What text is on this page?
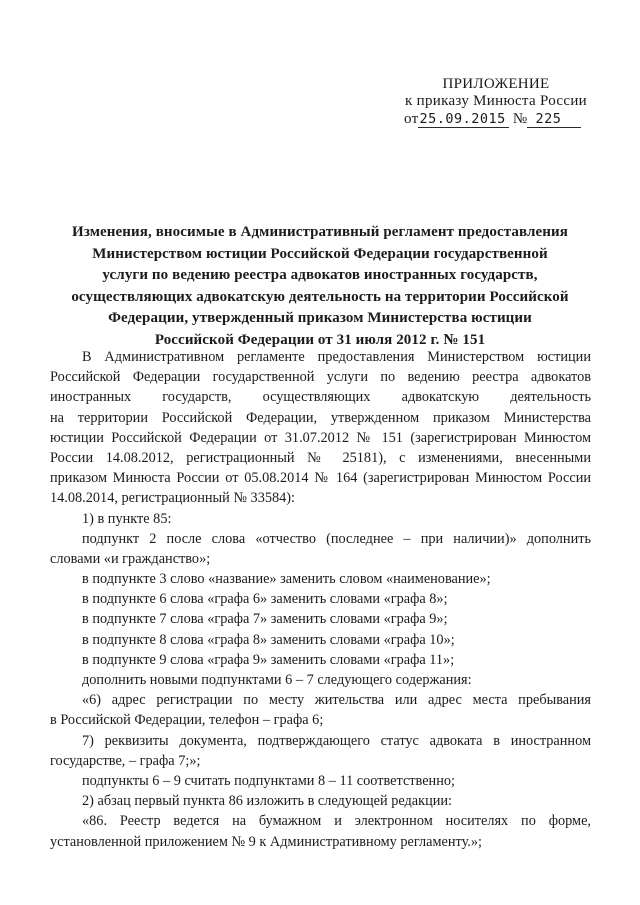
ПРИЛОЖЕНИЕ
к приказу Минюста России
от25.09.2015 № 225
Изменения, вносимые в Административный регламент предоставления
Министерством юстиции Российской Федерации государственной
услуги по ведению реестра адвокатов иностранных государств,
осуществляющих адвокатскую деятельность на территории Российской
Федерации, утвержденный приказом Министерства юстиции
Российской Федерации от 31 июля 2012 г. № 151
В Административном регламенте предоставления Министерством юстиции
Российской Федерации государственной услуги по ведению реестра адвокатов
иностранных государств, осуществляющих адвокатскую деятельность
на территории Российской Федерации, утвержденном приказом Министерства
юстиции Российской Федерации от 31.07.2012 № 151 (зарегистрирован Минюстом
России 14.08.2012, регистрационный № 25181), с изменениями, внесенными
приказом Минюста России от 05.08.2014 № 164 (зарегистрирован Минюстом России
14.08.2014, регистрационный № 33584):
1) в пункте 85:
подпункт 2 после слова «отчество (последнее – при наличии)» дополнить
словами «и гражданство»;
в подпункте 3 слово «название» заменить словом «наименование»;
в подпункте 6 слова «графа 6» заменить словами «графа 8»;
в подпункте 7 слова «графа 7» заменить словами «графа 9»;
в подпункте 8 слова «графа 8» заменить словами «графа 10»;
в подпункте 9 слова «графа 9» заменить словами «графа 11»;
дополнить новыми подпунктами 6 – 7 следующего содержания:
«6) адрес регистрации по месту жительства или адрес места пребывания
в Российской Федерации, телефон – графа 6;
7) реквизиты документа, подтверждающего статус адвоката в иностранном
государстве, – графа 7;»;
подпункты 6 – 9 считать подпунктами 8 – 11 соответственно;
2) абзац первый пункта 86 изложить в следующей редакции:
«86. Реестр ведется на бумажном и электронном носителях по форме,
установленной приложением № 9 к Административному регламенту.»;
